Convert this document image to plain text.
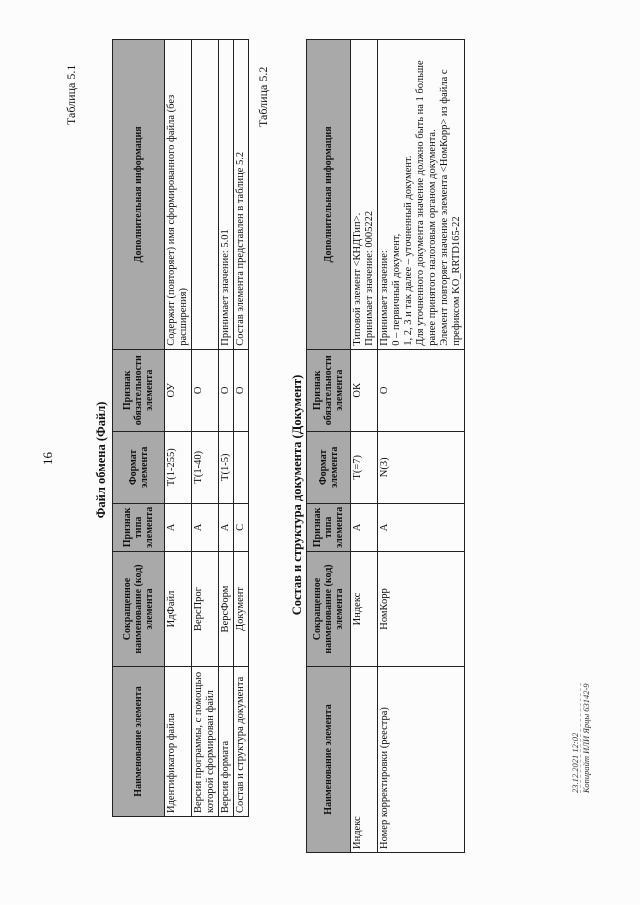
16
Таблица 5.1
Файл обмена (Файл)
Наименование элемента	Сокращенное наименование (код) элемента	Признак типа элемента	Формат элемента	Признак обязательности элемента	Дополнительная информация
Идентификатор файла	ИдФайл	А	T(1-255)	ОУ	Содержит (повторяет) имя сформированного файла (без расширения)
Версия программы, с помощью которой сформирован файл	ВерсПрог	А	T(1-40)	О	
Версия формата	ВерсФорм	А	T(1-5)	О	Принимает значение: 5.01
Состав и структура документа	Документ	С		О	Состав элемента представлен в таблице 5.2
Таблица 5.2
Состав и структура документа (Документ)
Наименование элемента	Сокращенное наименование (код) элемента	Признак типа элемента	Формат элемента	Признак обязательности элемента	Дополнительная информация
Индекс	Индекс	А	T(=7)	ОК	Типовой элемент <КНДТип>. Принимает значение: 0005222

Номер корректировки (реестра)	НомКорр	А	N(3)	О	Принимает значение: 0 – первичный документ, 1, 2, 3 и так далее – уточненный документ. Для уточненного документа значение должно быть на 1 больше ранее принятого налоговым органом документа. Элемент повторяет значение элемента <НомКорр> из файла с префиксом KO_RRTD165-22
23.12.2021 12:02 Копирайт ИЛИ Ярцы 63142-9
